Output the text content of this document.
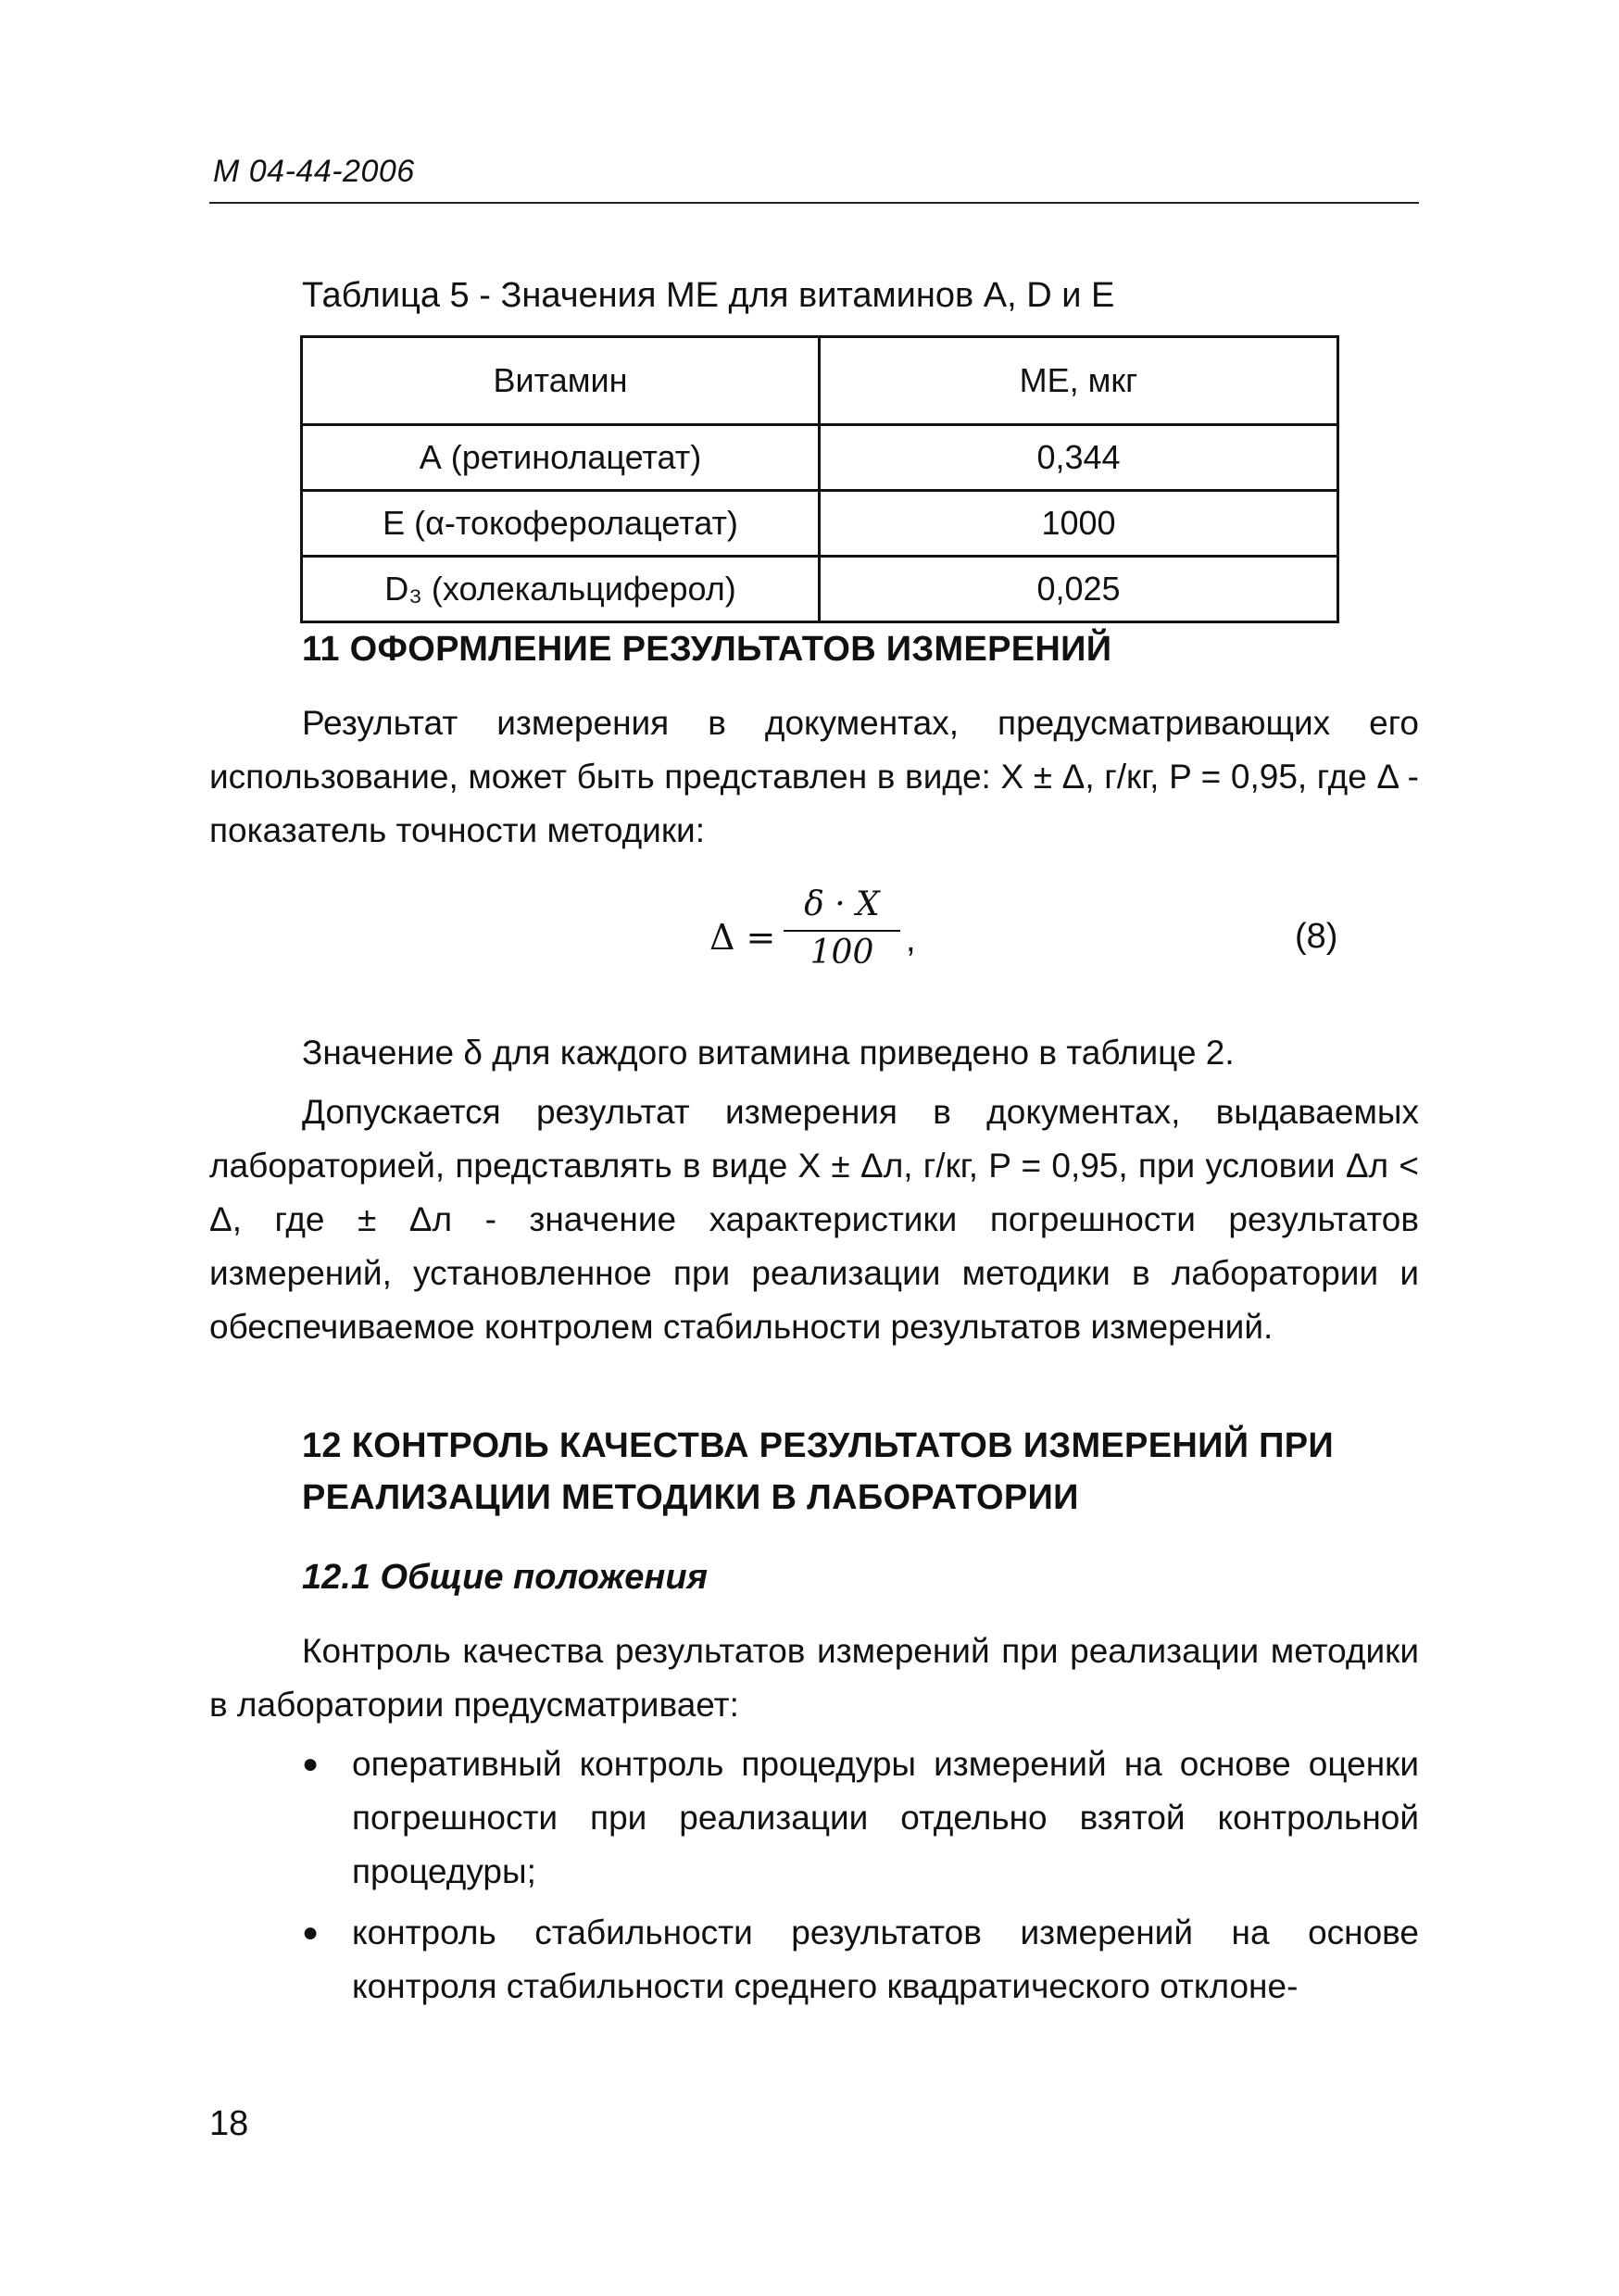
М 04-44-2006
Таблица 5 - Значения МЕ для витаминов А, D и Е
Витамин	МЕ, мкг
А (ретинолацетат)	0,344
Е (α-токоферолацетат)	1000
D₃ (холекальциферол)	0,025
11 ОФОРМЛЕНИЕ РЕЗУЛЬТАТОВ ИЗМЕРЕНИЙ
Результат измерения в документах, предусматривающих его использование, может быть представлен в виде: X ± Δ, г/кг, P = 0,95, где Δ - показатель точности методики:
Δ =
δ · X
100 ,	(8)
Значение δ для каждого витамина приведено в таблице 2.
Допускается результат измерения в документах, выдаваемых лабораторией, представлять в виде X ± Δл, г/кг, P = 0,95, при условии Δл < Δ, где ± Δл - значение характеристики погрешности результатов измерений, установленное при реализации методики в лаборатории и обеспечиваемое контролем стабильности результатов измерений.
12 КОНТРОЛЬ КАЧЕСТВА РЕЗУЛЬТАТОВ ИЗМЕРЕНИЙ ПРИ
РЕАЛИЗАЦИИ МЕТОДИКИ В ЛАБОРАТОРИИ
12.1 Общие положения
Контроль качества результатов измерений при реализации методики в лаборатории предусматривает:
● оперативный контроль процедуры измерений на основе оценки погрешности при реализации отдельно взятой контрольной процедуры;
● контроль стабильности результатов измерений на основе контроля стабильности среднего квадратического отклоне-
18
